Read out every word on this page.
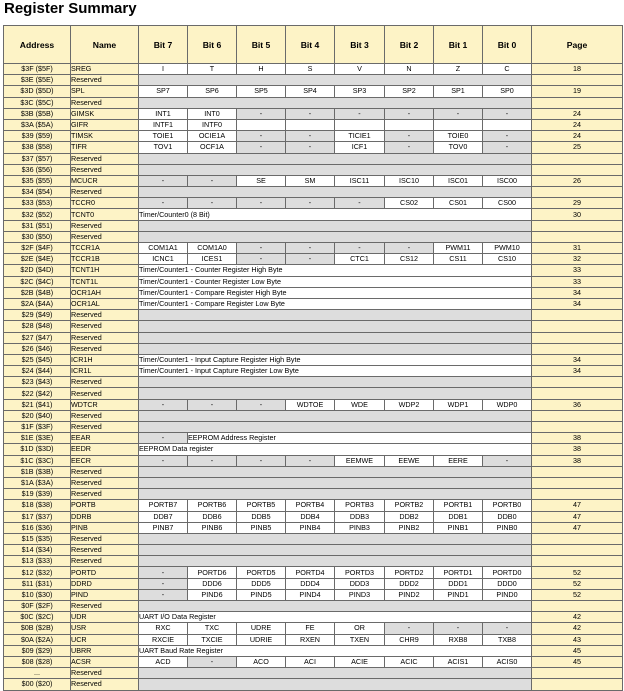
Register Summary
Address	Name	Bit 7	Bit 6	Bit 5	Bit 4	Bit 3	Bit 2	Bit 1	Bit 0	Page
$3F ($5F)	SREG	I	T	H	S	V	N	Z	C	18
$3E ($5E)	Reserved									
$3D ($5D)	SPL	SP7	SP6	SP5	SP4	SP3	SP2	SP1	SP0	19
$3C ($5C)	Reserved									
$3B ($5B)	GIMSK	INT1	INT0	-	-	-	-	-	-	24
$3A ($5A)	GIFR	INTF1	INTF0							24
$39 ($59)	TIMSK	TOIE1	OCIE1A	-	-	TICIE1	-	TOIE0	-	24
$38 ($58)	TIFR	TOV1	OCF1A	-	-	ICF1	-	TOV0	-	25
$37 ($57)	Reserved									
$36 ($56)	Reserved									
$35 ($55)	MCUCR	-	-	SE	SM	ISC11	ISC10	ISC01	ISC00	26
$34 ($54)	Reserved									
$33 ($53)	TCCR0	-	-	-	-	-	CS02	CS01	CS00	29
$32 ($52)	TCNT0	Timer/Counter0 (8 Bit)								30
$31 ($51)	Reserved									
$30 ($50)	Reserved									
$2F ($4F)	TCCR1A	COM1A1	COM1A0	-	-	-	-	PWM11	PWM10	31
$2E ($4E)	TCCR1B	ICNC1	ICES1	-	-	CTC1	CS12	CS11	CS10	32
$2D ($4D)	TCNT1H	Timer/Counter1 - Counter Register High Byte								33
$2C ($4C)	TCNT1L	Timer/Counter1 - Counter Register Low Byte								33
$2B ($4B)	OCR1AH	Timer/Counter1 - Compare Register High Byte								34
$2A ($4A)	OCR1AL	Timer/Counter1 - Compare Register Low Byte								34
$29 ($49)	Reserved									
$28 ($48)	Reserved									
$27 ($47)	Reserved									
$26 ($46)	Reserved									
$25 ($45)	ICR1H	Timer/Counter1 - Input Capture Register High Byte								34
$24 ($44)	ICR1L	Timer/Counter1 - Input Capture Register Low Byte								34
$23 ($43)	Reserved									
$22 ($42)	Reserved									
$21 ($41)	WDTCR	-	-	-	WDTOE	WDE	WDP2	WDP1	WDP0	36
$20 ($40)	Reserved									
$1F ($3F)	Reserved									
$1E ($3E)	EEAR	-	EEPROM Address Register							38
$1D ($3D)	EEDR	EEPROM Data register								38
$1C ($3C)	EECR	-	-	-	-	EEMWE	EEWE	EERE	-	38
$1B ($3B)	Reserved									
$1A ($3A)	Reserved									
$19 ($39)	Reserved									
$18 ($38)	PORTB	PORTB7	PORTB6	PORTB5	PORTB4	PORTB3	PORTB2	PORTB1	PORTB0	47
$17 ($37)	DDRB	DDB7	DDB6	DDB5	DDB4	DDB3	DDB2	DDB1	DDB0	47
$16 ($36)	PINB	PINB7	PINB6	PINB5	PINB4	PINB3	PINB2	PINB1	PINB0	47
$15 ($35)	Reserved									
$14 ($34)	Reserved									
$13 ($33)	Reserved									
$12 ($32)	PORTD	-	PORTD6	PORTD5	PORTD4	PORTD3	PORTD2	PORTD1	PORTD0	52
$11 ($31)	DDRD	-	DDD6	DDD5	DDD4	DDD3	DDD2	DDD1	DDD0	52
$10 ($30)	PIND	-	PIND6	PIND5	PIND4	PIND3	PIND2	PIND1	PIND0	52
$0F ($2F)	Reserved									
$0C ($2C)	UDR	UART I/O Data Register								42
$0B ($2B)	USR	RXC	TXC	UDRE	FE	OR	-	-	-	42
$0A ($2A)	UCR	RXCIE	TXCIE	UDRIE	RXEN	TXEN	CHR9	RXB8	TXB8	43
$09 ($29)	UBRR	UART Baud Rate Register								45
$08 ($28)	ACSR	ACD	-	ACO	ACI	ACIE	ACIC	ACIS1	ACIS0	45
...	Reserved									
$00 ($20)	Reserved									
